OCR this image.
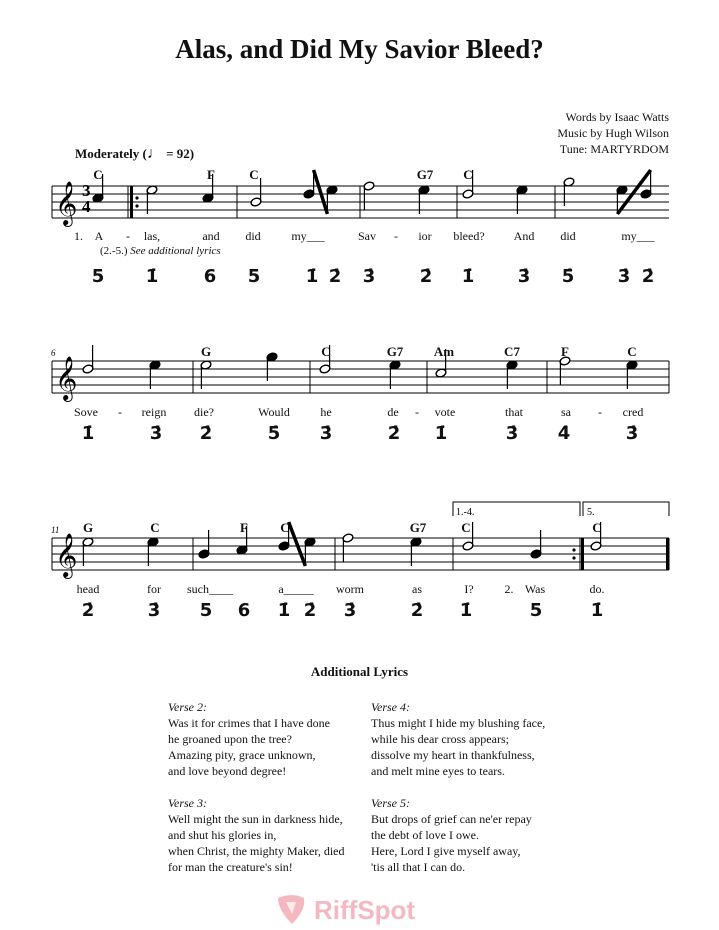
Alas, and Did My Savior Bleed?
Words by Isaac Watts
Music by Hugh Wilson
Tune: MARTYRDOM
Moderately (♩ = 92)
𝄞
𝄞
𝄞
6
11
3
4
1.-4.	5.
C	F	C	G7 C
A - las,	and did	my___	Sav - ior bleed? And did	my___
5 1̇	6 5	1̇ 2̇ 3̇ 2̇ 1̇ 3̇ 5̇ 3̇ 2̇
1.
(2.-5.) See additional lyrics
G	C	G7 Am	C7	F	C
Sove - reign die?	Would	he	de - vote	that	sa - cred
1̇	3̇ 2̇	5̇ 3̇	2̇ 1̇	3̇ 4̇	3̇
G	C	F C	G7	C	C
head	for such____	a_____ worm	as	I?	2. Was	do.
2̇	3̇ 5 6 1̇ 2̇ 3̇	2̇ 1̇	5	1̇
Additional Lyrics
Verse 2:
Was it for crimes that I have done
he groaned upon the tree?
Amazing pity, grace unknown,
and love beyond degree!
Verse 3:
Well might the sun in darkness hide,
and shut his glories in,
when Christ, the mighty Maker, died
for man the creature's sin!
Verse 4:
Thus might I hide my blushing face,
while his dear cross appears;
dissolve my heart in thankfulness,
and melt mine eyes to tears.
Verse 5:
But drops of grief can ne'er repay
the debt of love I owe.
Here, Lord I give myself away,
'tis all that I can do.
RiffSpot
